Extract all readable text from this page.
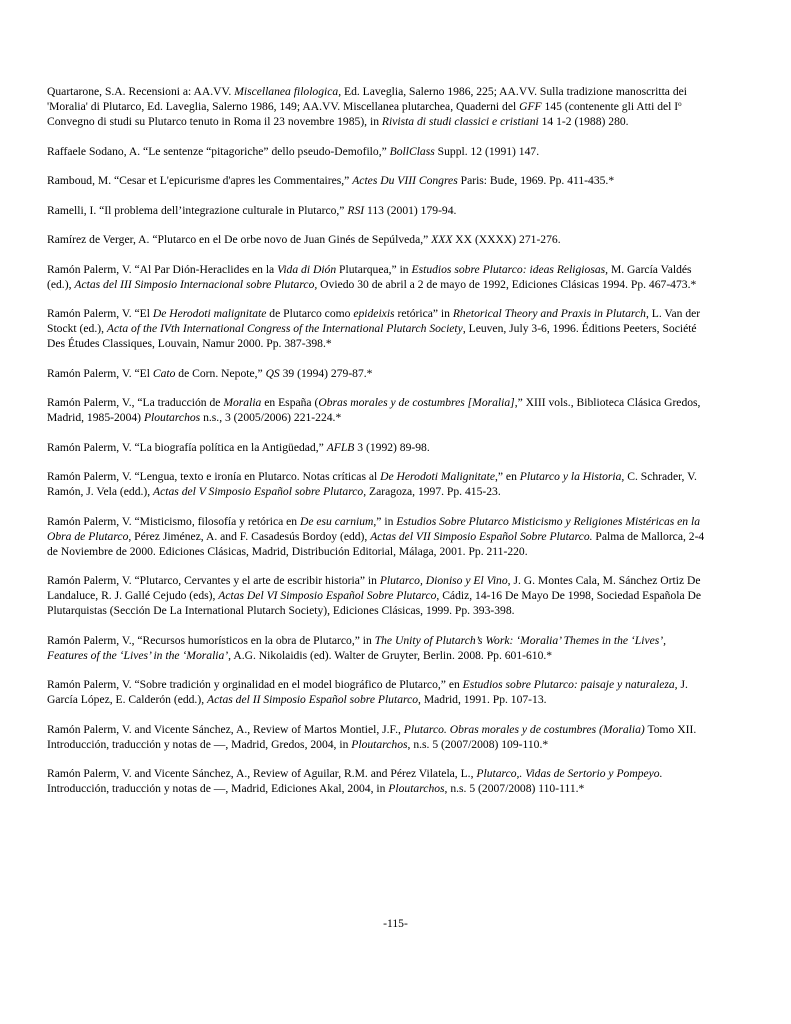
Quartarone, S.A. Recensioni a: AA.VV. Miscellanea filologica, Ed. Laveglia, Salerno 1986, 225; AA.VV. Sulla tradizione manoscritta dei 'Moralia' di Plutarco, Ed. Laveglia, Salerno 1986, 149; AA.VV. Miscellanea plutarchea, Quaderni del GFF 145 (contenente gli Atti del $I^o$ Convegno di studi su Plutarco tenuto in Roma il 23 novembre 1985), in Rivista di studi classici e cristiani 14 1-2 (1988) 280.

Raffaele Sodano, A. “Le sentenze “pitagoriche” dello pseudo-Demofilo,” BollClass Suppl. 12 (1991) 147.

Ramboud, M. “Cesar et L'epicurisme d'apres les Commentaires,” Actes Du VIII Congres Paris: Bude, 1969. Pp. 411-435.*

Ramelli, I. “Il problema dell’integrazione culturale in Plutarco,” RSI 113 (2001) 179-94.

Ramírez de Verger, A. “Plutarco en el De orbe novo de Juan Ginés de Sepúlveda,” XXX XX (XXXX) 271-276.

Ramón Palerm, V. “Al Par Dión-Heraclides en la Vida di Dión Plutarquea,” in Estudios sobre Plutarco: ideas Religiosas, M. García Valdés (ed.), Actas del III Simposio Internacional sobre Plutarco, Oviedo 30 de abril a 2 de mayo de 1992, Ediciones Clásicas 1994. Pp. 467-473.*

Ramón Palerm, V. “El De Herodoti malignitate de Plutarco como epideixis retórica” in Rhetorical Theory and Praxis in Plutarch, L. Van der Stockt (ed.), Acta of the IVth International Congress of the International Plutarch Society, Leuven, July 3-6, 1996. Éditions Peeters, Société Des Études Classiques, Louvain, Namur 2000. Pp. 387-398.*

Ramón Palerm, V. “El Cato de Corn. Nepote,” QS 39 (1994) 279-87.*

Ramón Palerm, V., “La traducción de Moralia en España (Obras morales y de costumbres [Moralia],” XIII vols., Biblioteca Clásica Gredos, Madrid, 1985-2004) Ploutarchos n.s., 3 (2005/2006) 221-224.*

Ramón Palerm, V. “La biografía política en la Antigüedad,” AFLB 3 (1992) 89-98.

Ramón Palerm, V. “Lengua, texto e ironía en Plutarco. Notas críticas al De Herodoti Malignitate,” en Plutarco y la Historia, C. Schrader, V. Ramón, J. Vela (edd.), Actas del V Simposio Español sobre Plutarco, Zaragoza, 1997. Pp. 415-23.

Ramón Palerm, V. “Misticismo, filosofía y retórica en De esu carnium,” in Estudios Sobre Plutarco Misticismo y Religiones Mistéricas en la Obra de Plutarco, Pérez Jiménez, A. and F. Casadesús Bordoy (edd), Actas del VII Simposio Español Sobre Plutarco. Palma de Mallorca, 2-4 de Noviembre de 2000. Ediciones Clásicas, Madrid, Distribución Editorial, Málaga, 2001. Pp. 211-220.

Ramón Palerm, V. “Plutarco, Cervantes y el arte de escribir historia” in Plutarco, Dioniso y El Vino, J. G. Montes Cala, M. Sánchez Ortiz De Landaluce, R. J. Gallé Cejudo (eds), Actas Del VI Simposio Español Sobre Plutarco, Cádiz, 14-16 De Mayo De 1998, Sociedad Española De Plutarquistas (Sección De La International Plutarch Society), Ediciones Clásicas, 1999. Pp. 393-398.

Ramón Palerm, V., “Recursos humorísticos en la obra de Plutarco,” in The Unity of Plutarch’s Work: ‘Moralia’ Themes in the ‘Lives’, Features of the ‘Lives’ in the ‘Moralia’, A.G. Nikolaidis (ed). Walter de Gruyter, Berlin. 2008. Pp. 601-610.*

Ramón Palerm, V. “Sobre tradición y orginalidad en el model biográfico de Plutarco,” en Estudios sobre Plutarco: paisaje y naturaleza, J. García López, E. Calderón (edd.), Actas del II Simposio Español sobre Plutarco, Madrid, 1991. Pp. 107-13.

Ramón Palerm, V. and Vicente Sánchez, A., Review of Martos Montiel, J.F., Plutarco. Obras morales y de costumbres (Moralia) Tomo XII. Introducción, traducción y notas de —, Madrid, Gredos, 2004, in Ploutarchos, n.s. 5 (2007/2008) 109-110.*

Ramón Palerm, V. and Vicente Sánchez, A., Review of Aguilar, R.M. and Pérez Vilatela, L., Plutarco,. Vidas de Sertorio y Pompeyo. Introducción, traducción y notas de —, Madrid, Ediciones Akal, 2004, in Ploutarchos, n.s. 5 (2007/2008) 110-111.*

-115-
